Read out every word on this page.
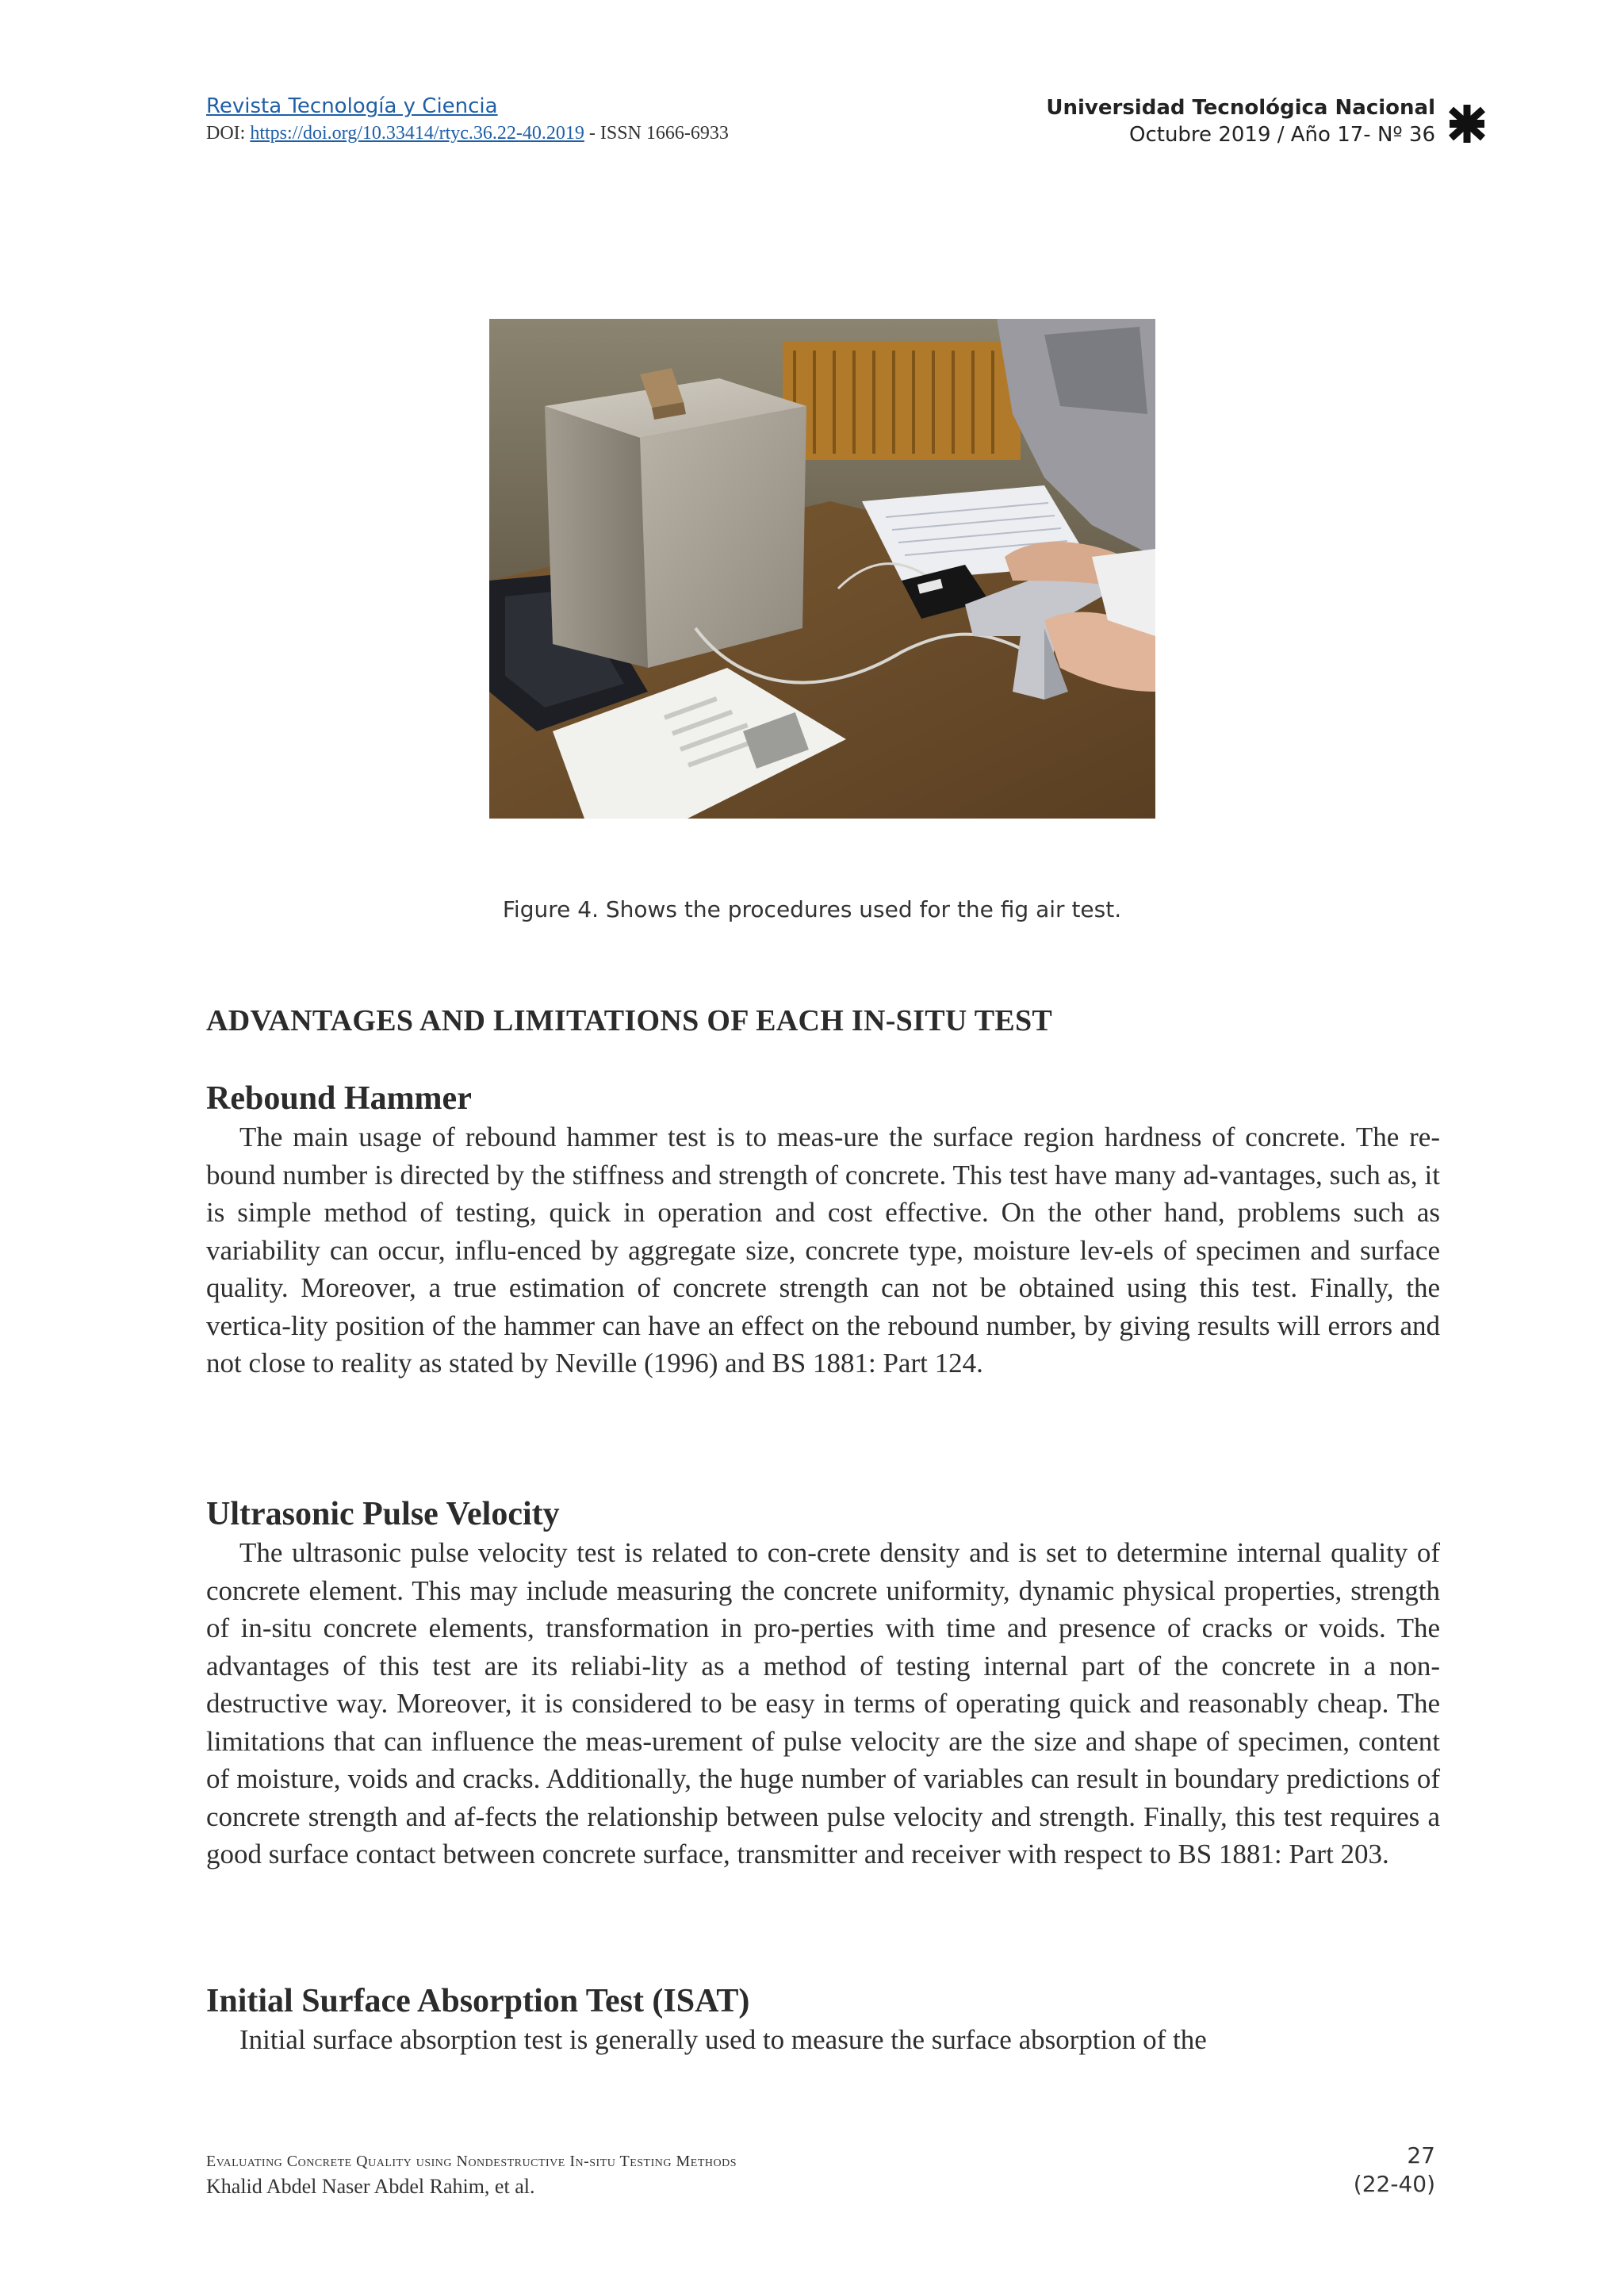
Revista Tecnología y Ciencia
DOI: https://doi.org/10.33414/rtyc.36.22-40.2019 - ISSN 1666-6933
Universidad Tecnológica Nacional
Octubre 2019 / Año 17- Nº 36
Figure 4. Shows the procedures used for the fig air test.
ADVANTAGES AND LIMITATIONS OF EACH IN-SITU TEST
Rebound Hammer

The main usage of rebound hammer test is to meas-ure the surface region hardness of concrete. The re-bound number is directed by the stiffness and strength of concrete. This test have many ad-vantages, such as, it is simple method of testing, quick in operation and cost effective. On the other hand, problems such as variability can occur, influ-enced by aggregate size, concrete type, moisture lev-els of specimen and surface quality. Moreover, a true estimation of concrete strength can not be obtained using this test. Finally, the vertica-lity position of the hammer can have an effect on the rebound number, by giving results will errors and not close to reality as stated by Neville (1996) and BS 1881: Part 124.

Ultrasonic Pulse Velocity

The ultrasonic pulse velocity test is related to con-crete density and is set to determine internal quality of concrete element. This may include measuring the concrete uniformity, dynamic physical properties, strength of in-situ concrete elements, transformation in pro-perties with time and presence of cracks or voids. The advantages of this test are its reliabi-lity as a method of testing internal part of the concrete in a non-destructive way. Moreover, it is considered to be easy in terms of operating quick and reasonably cheap. The limitations that can influence the meas-urement of pulse velocity are the size and shape of specimen, content of moisture, voids and cracks. Additionally, the huge number of variables can result in boundary predictions of concrete strength and af-fects the relationship between pulse velocity and strength. Finally, this test requires a good surface contact between concrete surface, transmitter and receiver with respect to BS 1881: Part 203.

Initial Surface Absorption Test (ISAT)

Initial surface absorption test is generally used to measure the surface absorption of the

Evaluating Concrete Quality using Nondestructive In-situ Testing Methods
Khalid Abdel Naser Abdel Rahim, et al.
27
(22-40)
